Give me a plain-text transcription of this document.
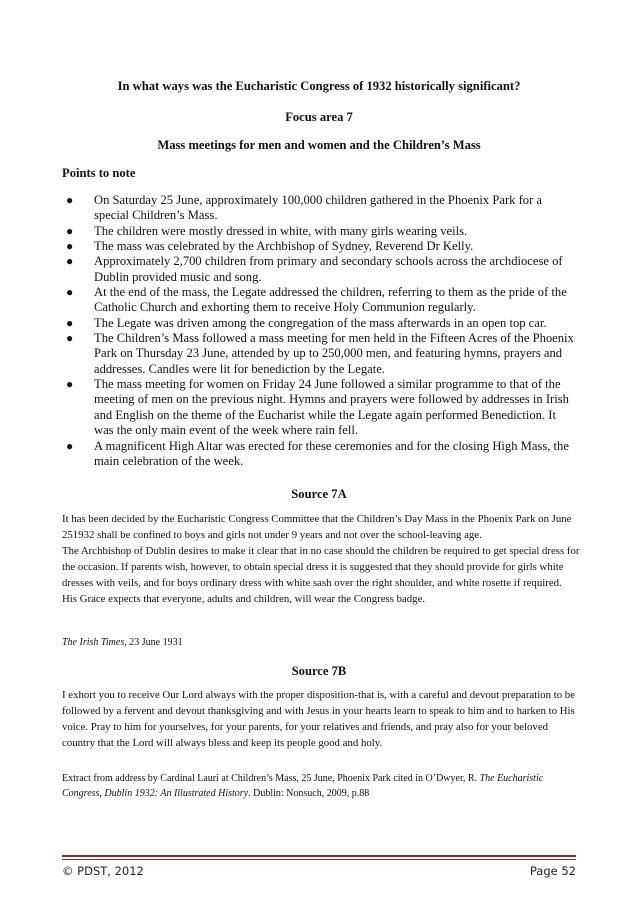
In what ways was the Eucharistic Congress of 1932 historically significant?
Focus area 7
Mass meetings for men and women and the Children’s Mass
Points to note
● On Saturday 25 June, approximately 100,000 children gathered in the Phoenix Park for a special Children’s Mass.
● The children were mostly dressed in white, with many girls wearing veils.
● The mass was celebrated by the Archbishop of Sydney, Reverend Dr Kelly.
● Approximately 2,700 children from primary and secondary schools across the archdiocese of Dublin provided music and song.
● At the end of the mass, the Legate addressed the children, referring to them as the pride of the Catholic Church and exhorting them to receive Holy Communion regularly.
● The Legate was driven among the congregation of the mass afterwards in an open top car.
● The Children’s Mass followed a mass meeting for men held in the Fifteen Acres of the Phoenix Park on Thursday 23 June, attended by up to 250,000 men, and featuring hymns, prayers and addresses. Candles were lit for benediction by the Legate.
● The mass meeting for women on Friday 24 June followed a similar programme to that of the meeting of men on the previous night. Hymns and prayers were followed by addresses in Irish and English on the theme of the Eucharist while the Legate again performed Benediction. It was the only main event of the week where rain fell.
● A magnificent High Altar was erected for these ceremonies and for the closing High Mass, the main celebration of the week.
Source 7A

It has been decided by the Eucharistic Congress Committee that the Children’s Day Mass in the Phoenix Park on June 251932 shall be confined to boys and girls not under 9 years and not over the school-leaving age.

The Archbishop of Dublin desires to make it clear that in no case should the children be required to get special dress for the occasion. If parents wish, however, to obtain special dress it is suggested that they should provide for girls white dresses with veils, and for boys ordinary dress with white sash over the right shoulder, and white rosette if required.

His Grace expects that everyone, adults and children, will wear the Congress badge.

The Irish Times, 23 June 1931
Source 7B

I exhort you to receive Our Lord always with the proper disposition-that is, with a careful and devout preparation to be followed by a fervent and devout thanksgiving and with Jesus in your hearts learn to speak to him and to harken to His voice. Pray to him for yourselves, for your parents, for your relatives and friends, and pray also for your beloved country that the Lord will always bless and keep its people good and holy.

Extract from address by Cardinal Lauri at Children’s Mass, 25 June, Phoenix Park cited in O’Dwyer, R. The Eucharistic Congress, Dublin 1932: An Illustrated History. Dublin: Nonsuch, 2009, p.88
© PDST, 2012	Page 52
